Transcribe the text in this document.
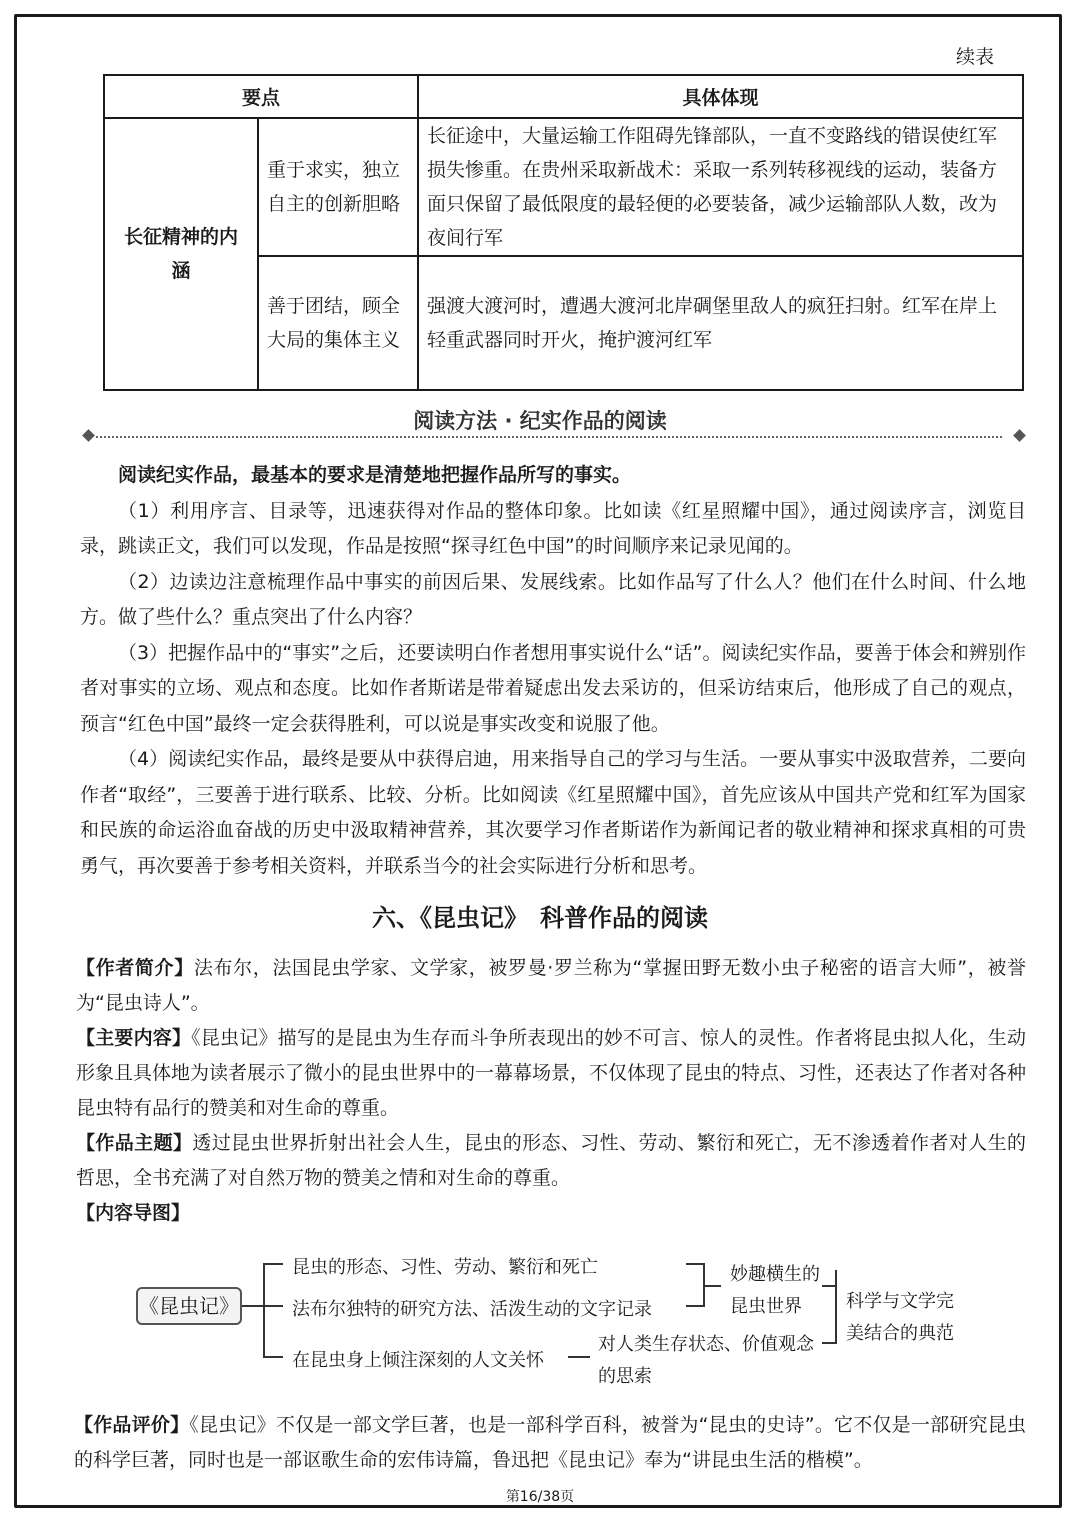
续表
要点		具体体现
长征精神的内涵	重于求实，独立自主的创新胆略	长征途中，大量运输工作阻碍先锋部队，一直不变路线的错误使红军损失惨重。在贵州采取新战术：采取一系列转移视线的运动，装备方面只保留了最低限度的最轻便的必要装备，减少运输部队人数，改为夜间行军
	善于团结，顾全大局的集体主义	强渡大渡河时，遭遇大渡河北岸碉堡里敌人的疯狂扫射。红军在岸上轻重武器同时开火，掩护渡河红军
阅读方法 · 纪实作品的阅读

阅读纪实作品，最基本的要求是清楚地把握作品所写的事实。

（1）利用序言、目录等，迅速获得对作品的整体印象。比如读《红星照耀中国》，通过阅读序言，浏览目录，跳读正文，我们可以发现，作品是按照“探寻红色中国”的时间顺序来记录见闻的。

（2）边读边注意梳理作品中事实的前因后果、发展线索。比如作品写了什么人？他们在什么时间、什么地方。做了些什么？重点突出了什么内容？

（3）把握作品中的“事实”之后，还要读明白作者想用事实说什么“话”。阅读纪实作品，要善于体会和辨别作者对事实的立场、观点和态度。比如作者斯诺是带着疑虑出发去采访的，但采访结束后，他形成了自己的观点，预言“红色中国”最终一定会获得胜利，可以说是事实改变和说服了他。

（4）阅读纪实作品，最终是要从中获得启迪，用来指导自己的学习与生活。一要从事实中汲取营养，二要向作者“取经”，三要善于进行联系、比较、分析。比如阅读《红星照耀中国》，首先应该从中国共产党和红军为国家和民族的命运浴血奋战的历史中汲取精神营养，其次要学习作者斯诺作为新闻记者的敬业精神和探求真相的可贵勇气，再次要善于参考相关资料，并联系当今的社会实际进行分析和思考。

六、《昆虫记》　科普作品的阅读

【作者简介】法布尔，法国昆虫学家、文学家，被罗曼·罗兰称为“掌握田野无数小虫子秘密的语言大师”，被誉为“昆虫诗人”。

【主要内容】《昆虫记》描写的是昆虫为生存而斗争所表现出的妙不可言、惊人的灵性。作者将昆虫拟人化，生动形象且具体地为读者展示了微小的昆虫世界中的一幕幕场景，不仅体现了昆虫的特点、习性，还表达了作者对各种昆虫特有品行的赞美和对生命的尊重。

【作品主题】透过昆虫世界折射出社会人生，昆虫的形态、习性、劳动、繁衍和死亡，无不渗透着作者对人生的哲思，全书充满了对自然万物的赞美之情和对生命的尊重。

【内容导图】

《昆虫记》
昆虫的形态、习性、劳动、繁衍和死亡
法布尔独特的研究方法、活泼生动的文字记录
在昆虫身上倾注深刻的人文关怀
妙趣横生的
昆虫世界
对人类生存状态、价值观念
的思索
科学与文学完
美结合的典范

【作品评价】《昆虫记》不仅是一部文学巨著，也是一部科学百科，被誉为“昆虫的史诗”。它不仅是一部研究昆虫的科学巨著，同时也是一部讴歌生命的宏伟诗篇，鲁迅把《昆虫记》奉为“讲昆虫生活的楷模”。

第16/38页
